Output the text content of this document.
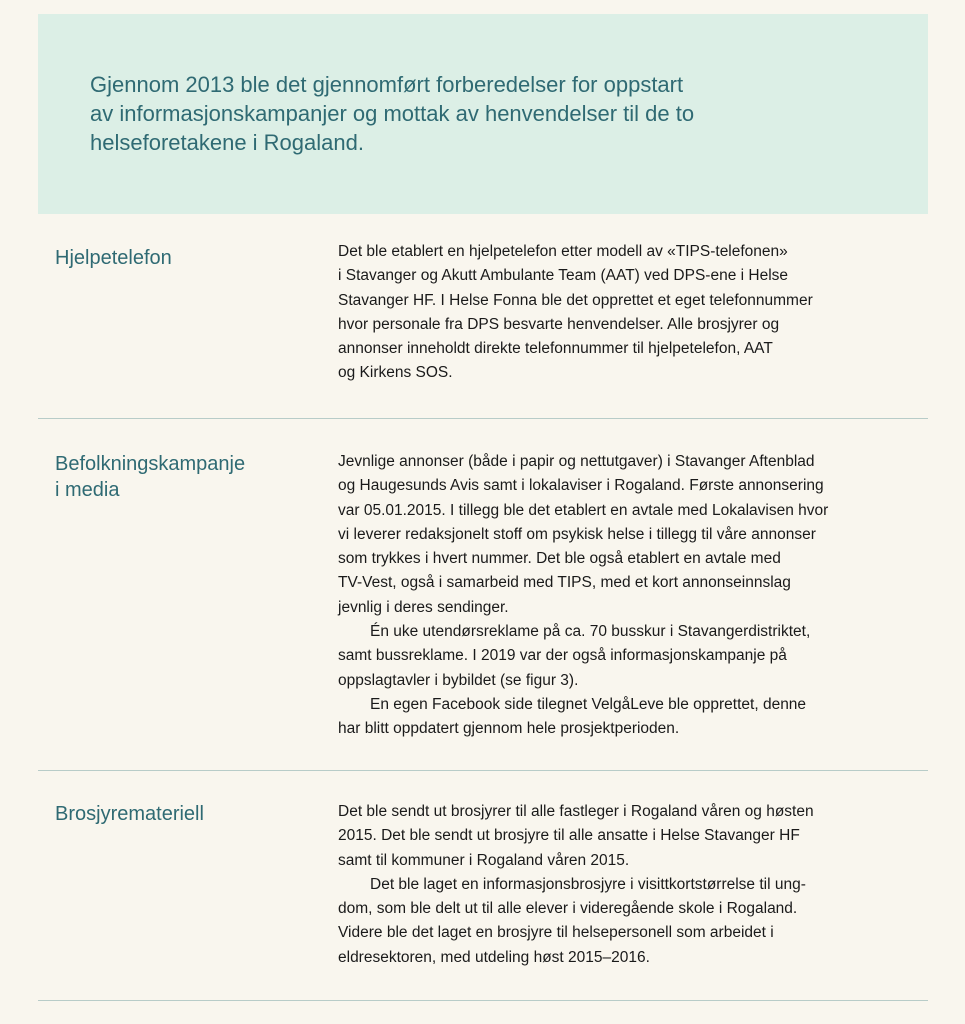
Gjennom 2013 ble det gjennomført forberedelser for oppstart
av informasjonskampanjer og mottak av henvendelser til de to
helseforetakene i Rogaland.

Hjelpetelefon	Det ble etablert en hjelpetelefon etter modell av «TIPS-telefonen»
i Stavanger og Akutt Ambulante Team (AAT) ved DPS-ene i Helse
Stavanger HF. I Helse Fonna ble det opprettet et eget telefonnummer
hvor personale fra DPS besvarte henvendelser. Alle brosjyrer og
annonser inneholdt direkte telefonnummer til hjelpetelefon, AAT
og Kirkens SOS.
Befolkningskampanje
i media
Jevnlige annonser (både i papir og nettutgaver) i Stavanger Aftenblad
og Haugesunds Avis samt i lokalaviser i Rogaland. Første annonsering
var 05.01.2015. I tillegg ble det etablert en avtale med Lokalavisen hvor
vi leverer redaksjonelt stoff om psykisk helse i tillegg til våre annonser
som trykkes i hvert nummer. Det ble også etablert en avtale med
TV-Vest, også i samarbeid med TIPS, med et kort annonseinnslag
jevnlig i deres sendinger.
Én uke utendørsreklame på ca. 70 busskur i Stavangerdistriktet,
samt bussreklame. I 2019 var der også informasjonskampanje på
oppslagtavler i bybildet (se figur 3).
En egen Facebook side tilegnet VelgåLeve ble opprettet, denne
har blitt oppdatert gjennom hele prosjektperioden.
Brosjyremateriell	Det ble sendt ut brosjyrer til alle fastleger i Rogaland våren og høsten
2015. Det ble sendt ut brosjyre til alle ansatte i Helse Stavanger HF
samt til kommuner i Rogaland våren 2015.
Det ble laget en informasjonsbrosjyre i visittkortstørrelse til ung-
dom, som ble delt ut til alle elever i videregående skole i Rogaland.
Videre ble det laget en brosjyre til helsepersonell som arbeidet i
eldresektoren, med utdeling høst 2015–2016.
